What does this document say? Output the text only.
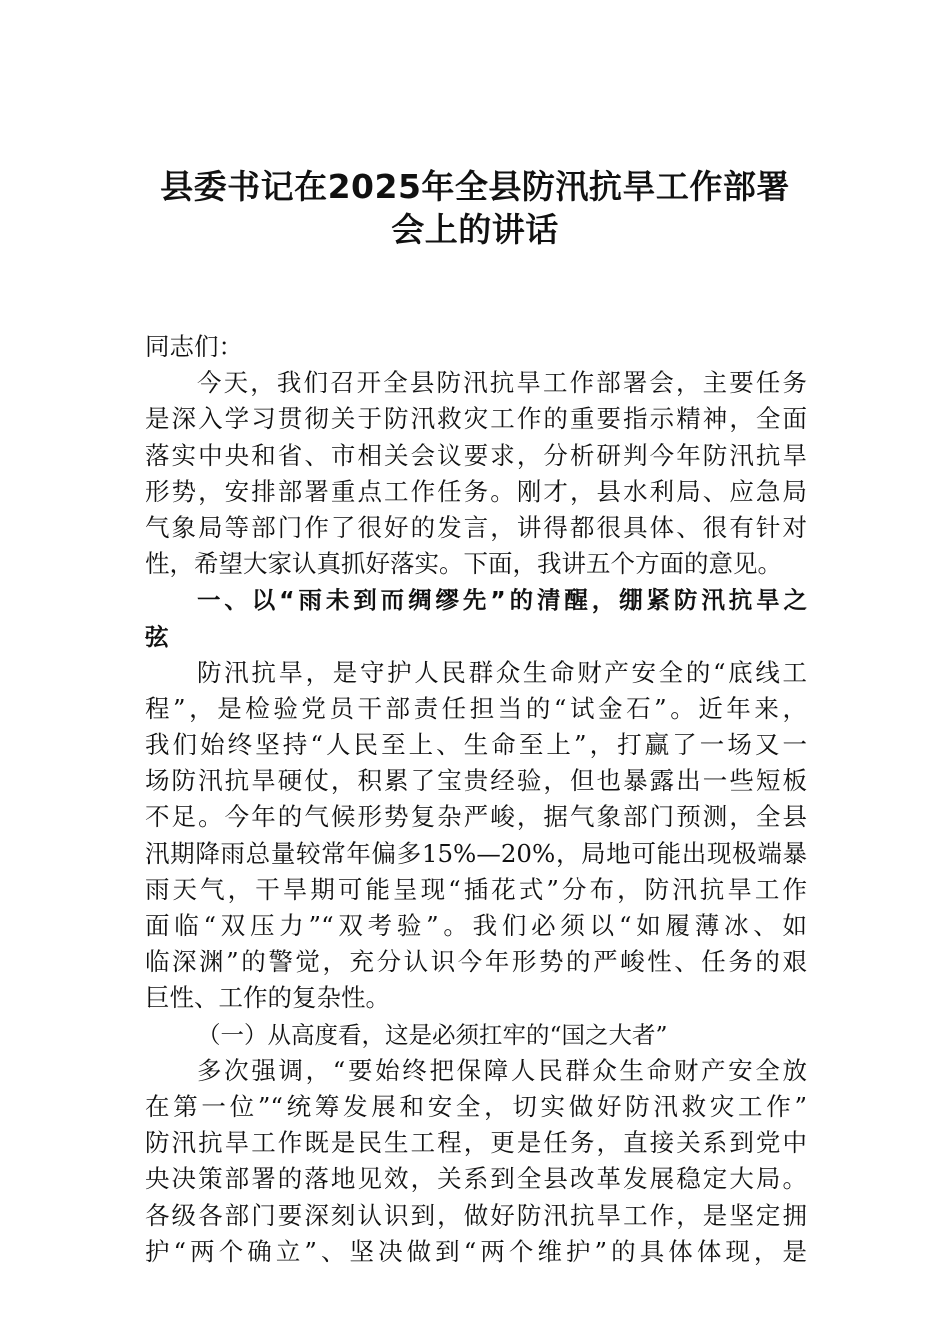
县委书记在2025年全县防汛抗旱工作部署
会上的讲话
同志们：
今天，我们召开全县防汛抗旱工作部署会，主要任务
是深入学习贯彻关于防汛救灾工作的重要指示精神，全面
落实中央和省、市相关会议要求，分析研判今年防汛抗旱
形势，安排部署重点工作任务。刚才，县水利局、应急局
气象局等部门作了很好的发言，讲得都很具体、很有针对
性，希望大家认真抓好落实。下面，我讲五个方面的意见。
一、以“雨未到而绸缪先”的清醒，绷紧防汛抗旱之
弦
防汛抗旱，是守护人民群众生命财产安全的“底线工
程”，是检验党员干部责任担当的“试金石”。近年来，
我们始终坚持“人民至上、生命至上”，打赢了一场又一
场防汛抗旱硬仗，积累了宝贵经验，但也暴露出一些短板
不足。今年的气候形势复杂严峻，据气象部门预测，全县
汛期降雨总量较常年偏多15%—20%，局地可能出现极端暴
雨天气，干旱期可能呈现“插花式”分布，防汛抗旱工作
面临“双压力”“双考验”。我们必须以“如履薄冰、如
临深渊”的警觉，充分认识今年形势的严峻性、任务的艰
巨性、工作的复杂性。
（一）从高度看，这是必须扛牢的“国之大者”
多次强调，“要始终把保障人民群众生命财产安全放
在第一位”“统筹发展和安全，切实做好防汛救灾工作”
防汛抗旱工作既是民生工程，更是任务，直接关系到党中
央决策部署的落地见效，关系到全县改革发展稳定大局。
各级各部门要深刻认识到，做好防汛抗旱工作，是坚定拥
护“两个确立”、坚决做到“两个维护”的具体体现，是
